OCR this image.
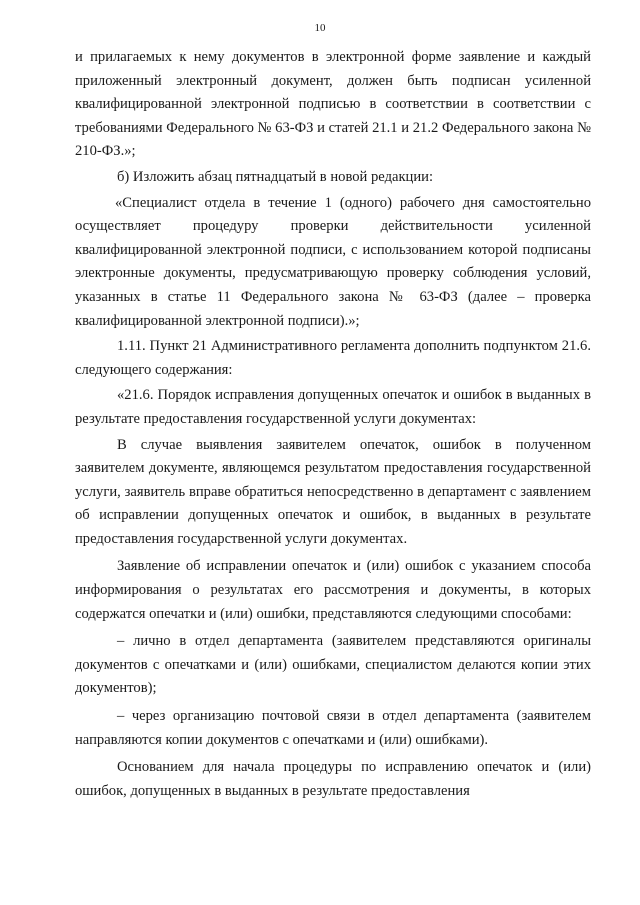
10

и прилагаемых к нему документов в электронной форме заявление и каждый приложенный электронный документ, должен быть подписан усиленной квалифицированной электронной подписью в соответствии в соответствии с требованиями Федерального № 63-ФЗ и статей 21.1 и 21.2 Федерального закона № 210-ФЗ.»;

б) Изложить абзац пятнадцатый в новой редакции:

«Специалист отдела в течение 1 (одного) рабочего дня самостоятельно осуществляет процедуру проверки действительности усиленной квалифицированной электронной подписи, с использованием которой подписаны электронные документы, предусматривающую проверку соблюдения условий, указанных в статье 11 Федерального закона № 63-ФЗ (далее – проверка квалифицированной электронной подписи).»;

1.11. Пункт 21 Административного регламента дополнить подпунктом 21.6. следующего содержания:

«21.6. Порядок исправления допущенных опечаток и ошибок в выданных в результате предоставления государственной услуги документах:

В случае выявления заявителем опечаток, ошибок в полученном заявителем документе, являющемся результатом предоставления государственной услуги, заявитель вправе обратиться непосредственно в департамент с заявлением об исправлении допущенных опечаток и ошибок, в выданных в результате предоставления государственной услуги документах.

Заявление об исправлении опечаток и (или) ошибок с указанием способа информирования о результатах его рассмотрения и документы, в которых содержатся опечатки и (или) ошибки, представляются следующими способами:

– лично в отдел департамента (заявителем представляются оригиналы документов с опечатками и (или) ошибками, специалистом делаются копии этих документов);

– через организацию почтовой связи в отдел департамента (заявителем направляются копии документов с опечатками и (или) ошибками).

Основанием для начала процедуры по исправлению опечаток и (или) ошибок, допущенных в выданных в результате предоставления
